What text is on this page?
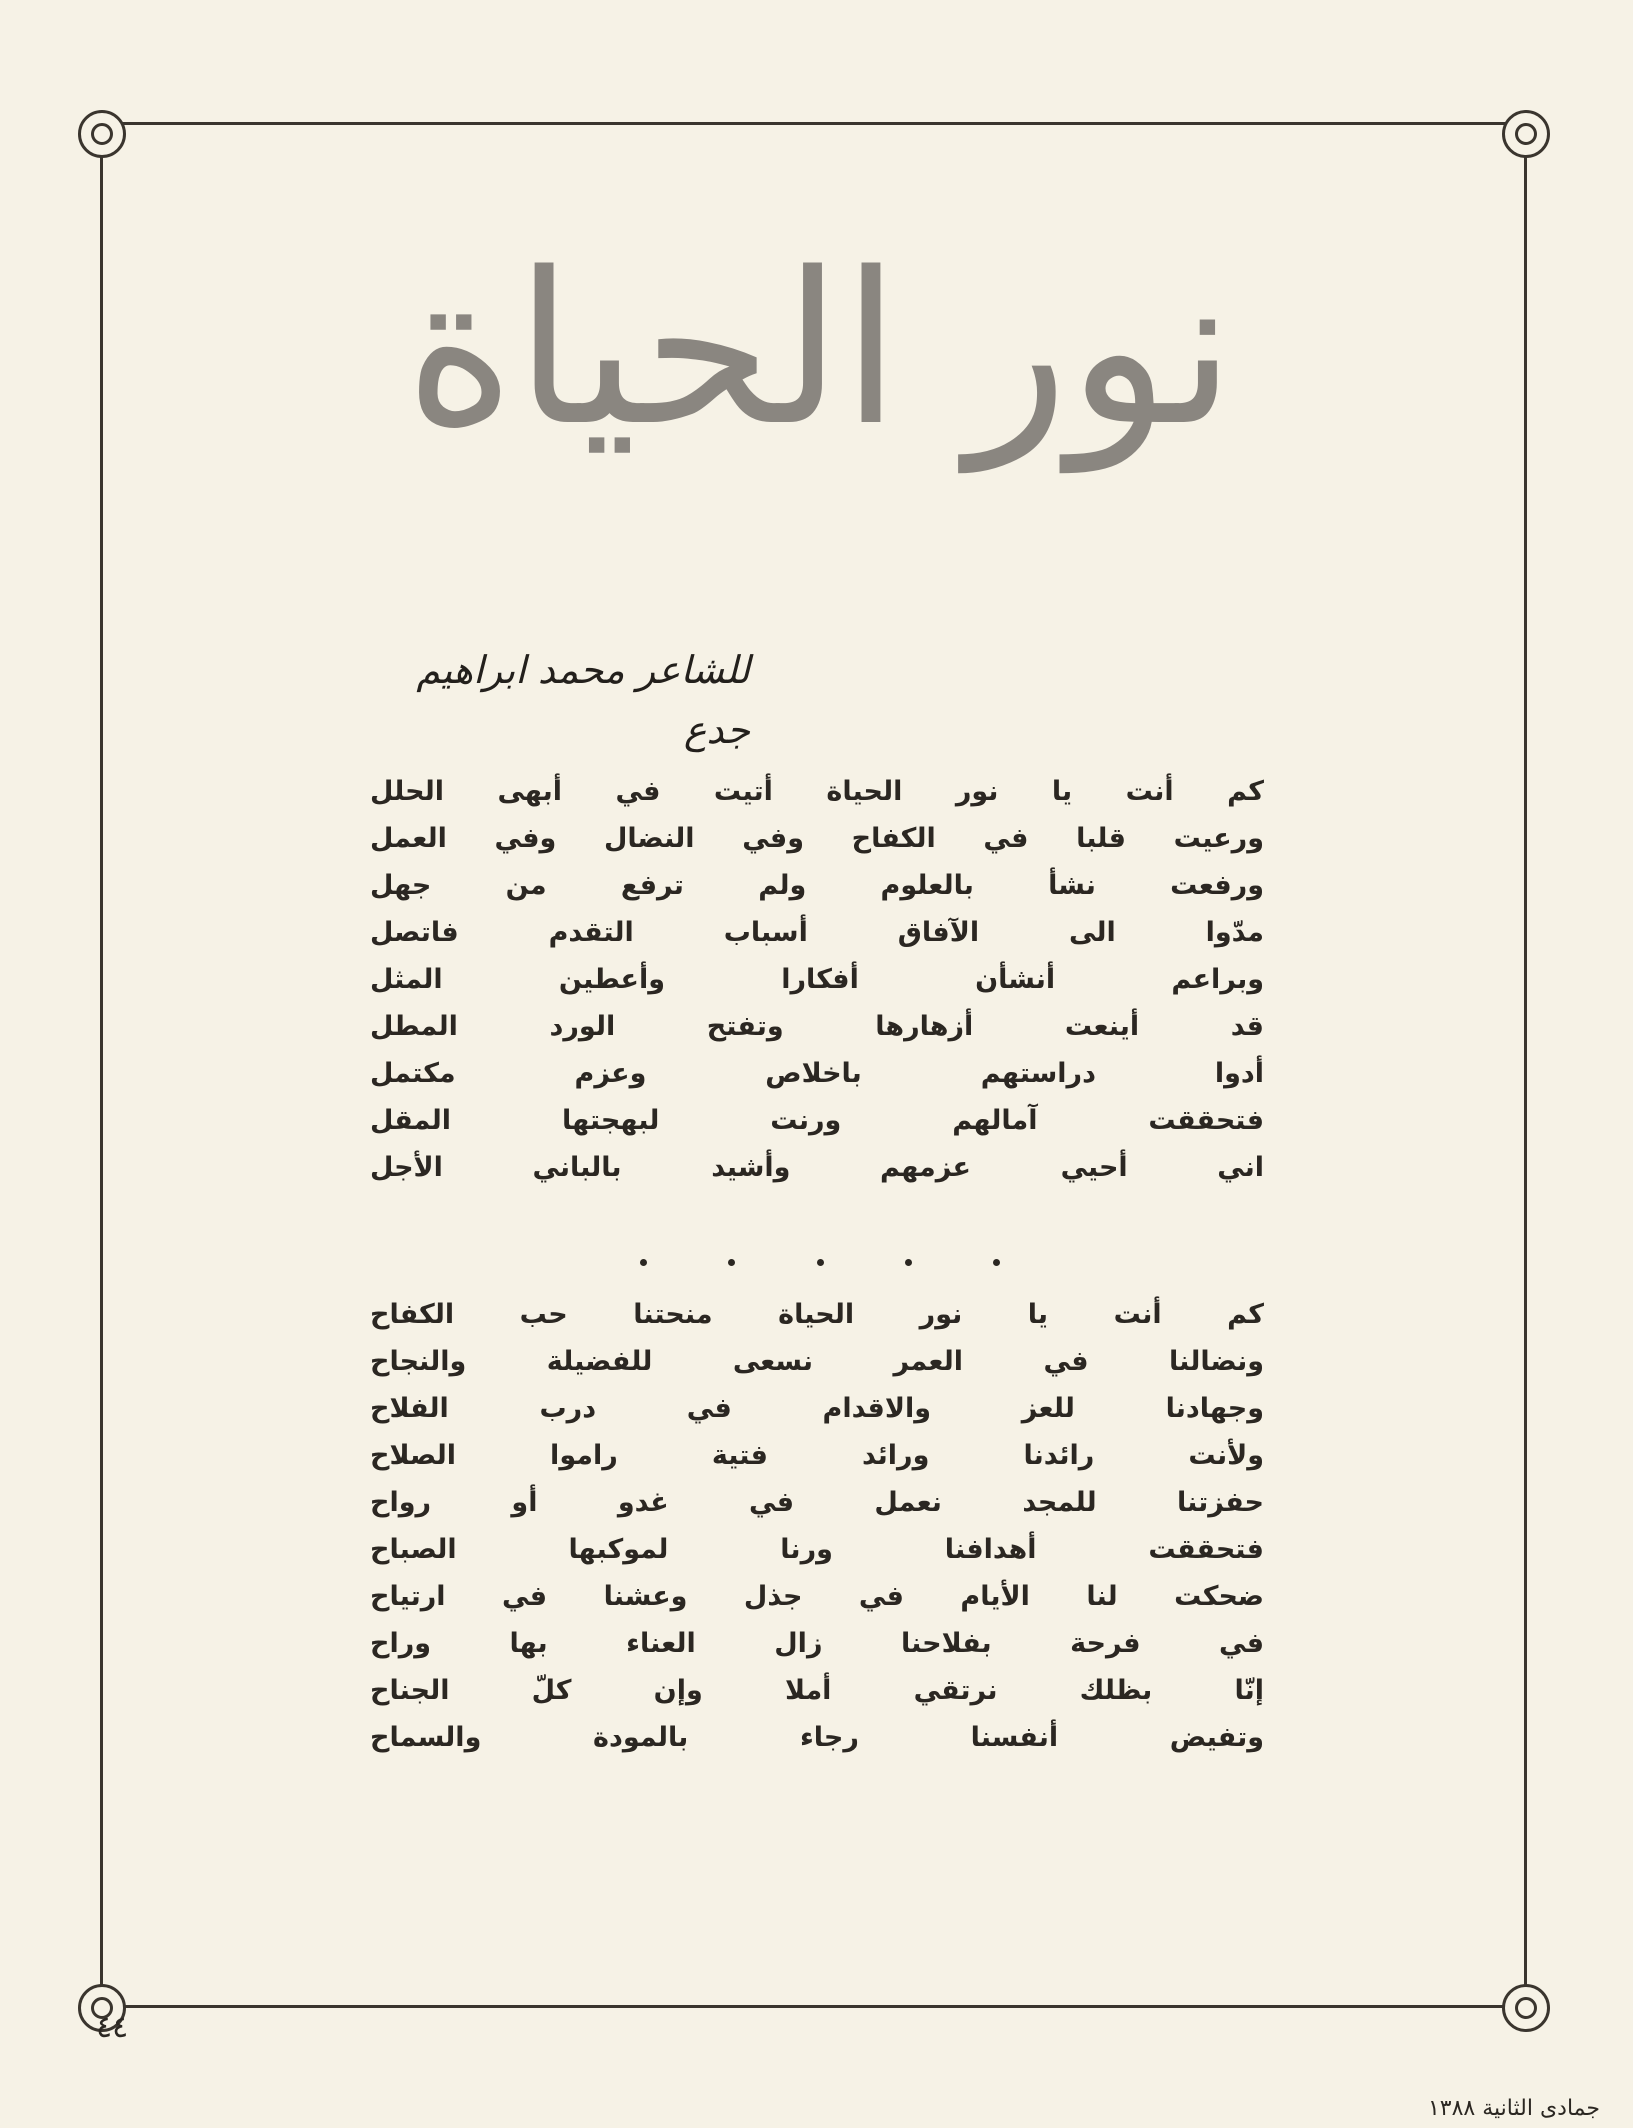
نور الحياة
للشاعر محمد ابراهيم جدع
كم أنت يا نور الحياة أتيت في أبهى الحلل
ورعيت قلبا في الكفاح وفي النضال وفي العمل
ورفعت نشأ بالعلوم ولم ترفع من جهل
مدّوا الى الآفاق أسباب التقدم فاتصل
وبراعم أنشأن أفكارا وأعطين المثل
قد أينعت أزهارها وتفتح الورد المطل
أدوا دراستهم باخلاص وعزم مكتمل
فتحققت آمالهم ورنت لبهجتها المقل
اني أحيي عزمهم وأشيد بالباني الأجل
كم أنت يا نور الحياة منحتنا حب الكفاح
ونضالنا في العمر نسعى للفضيلة والنجاح
وجهادنا للعز والاقدام في درب الفلاح
ولأنت رائدنا ورائد فتية راموا الصلاح
حفزتنا للمجد نعمل في غدو أو رواح
فتحققت أهدافنا ورنا لموكبها الصباح
ضحكت لنا الأيام في جذل وعشنا في ارتياح
في فرحة بفلاحنا زال العناء بها وراح
إنّا بظلك نرتقي أملا وإن كلّ الجناح
وتفيض أنفسنا رجاء بالمودة والسماح
٤٤
جمادى الثانية ١٣٨٨
